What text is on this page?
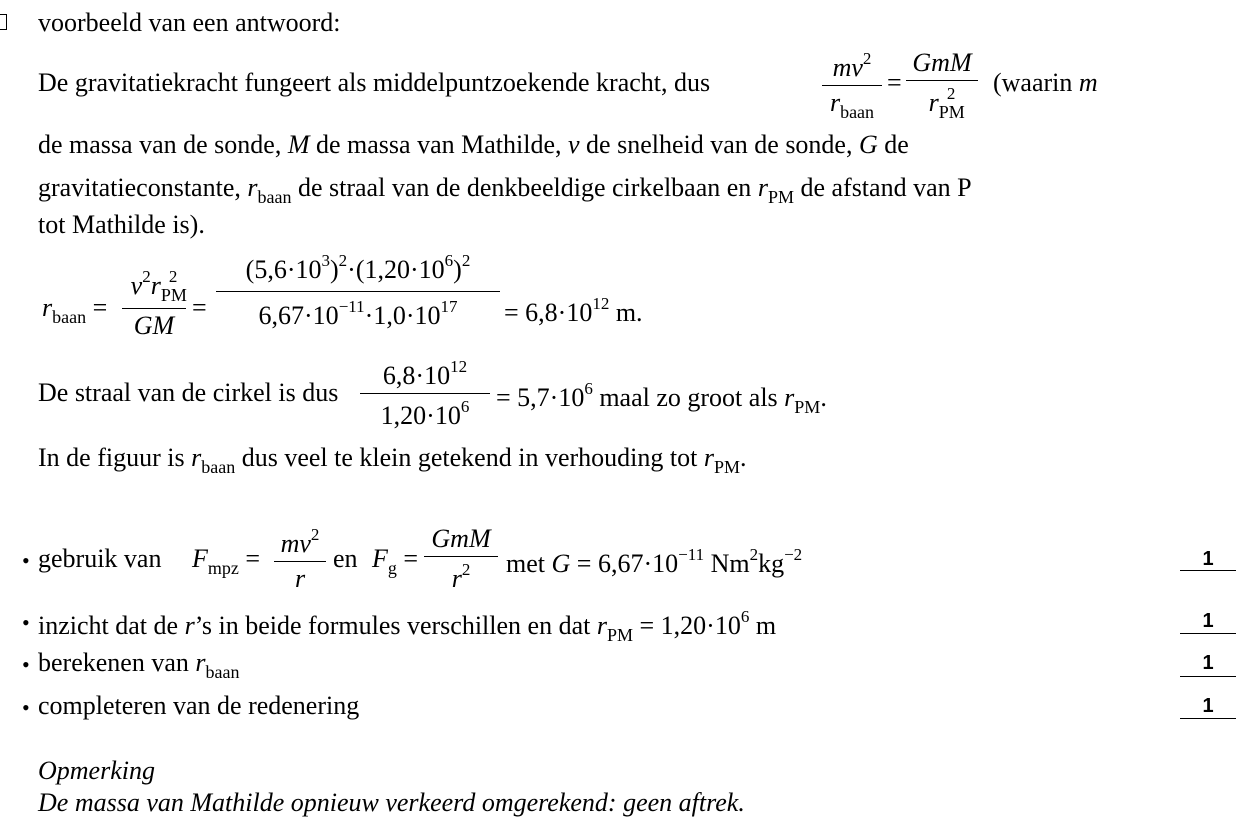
voorbeeld van een antwoord:
De gravitatiekracht fungeert als middelpuntzoekende kracht, dus
$mv^2$
$r_{baan}$
=
GmM
$r_{PM}^2$	(waarin m
de massa van de sonde, M de massa van Mathilde, v de snelheid van de sonde, G de
gravitatieconstante, $r_{baan}$ de straal van de denkbeeldige cirkelbaan en $r_{PM}$ de afstand van P
tot Mathilde is).
$r_{baan}$ =
$v^2r_{PM}^2$
GM
=
$(5,6\cdot 10^3)^2\cdot(1,20\cdot 10^6)^2$
$6,67\cdot 10^{-11}\cdot 1,0\cdot 10^{17}$	= $6,8\cdot 10^{12}$ m.
De straal van de cirkel is dus
$6,8\cdot 10^{12}$
$1,20\cdot 10^6$	= $5,7\cdot 10^6$ maal zo groot als $r_{PM}$.
In de figuur is $r_{baan}$ dus veel te klein getekend in verhouding tot $r_{PM}$.
• gebruik van $F_{mpz}$ =
$mv^2$
r
en $F_g$ =
GmM
$r^2$	met $G = 6,67\cdot 10^{-11}$ $Nm^2kg^{-2}$	1
• inzicht dat de r’s in beide formules verschillen en dat $r_{PM} = 1,20\cdot 10^6$ m	1
• berekenen van $r_{baan}$	1
• completeren van de redenering	1
Opmerking
De massa van Mathilde opnieuw verkeerd omgerekend: geen aftrek.
